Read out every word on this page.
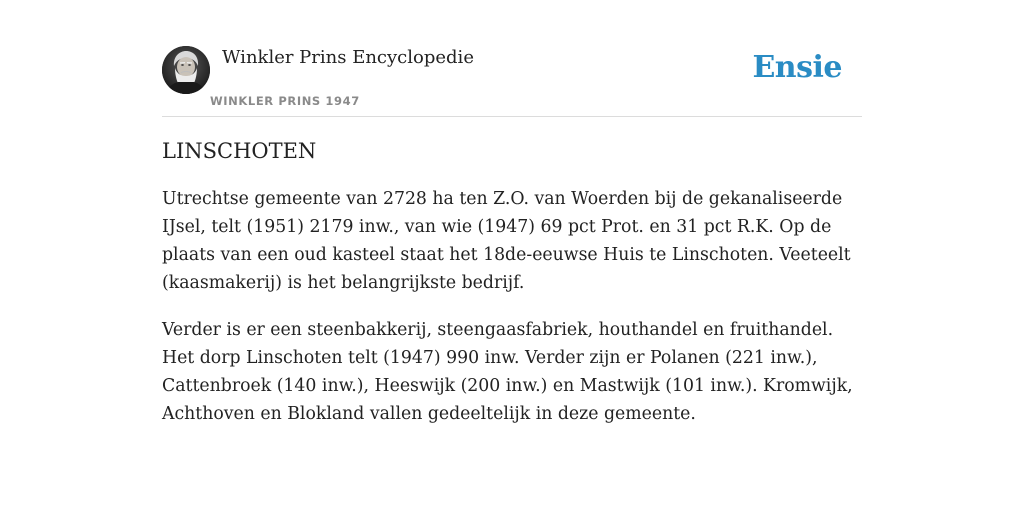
Winkler Prins Encyclopedie
WINKLER PRINS 1947
Ensie
LINSCHOTEN

Utrechtse gemeente van 2728 ha ten Z.O. van Woerden bij de gekanaliseerde IJsel, telt (1951) 2179 inw., van wie (1947) 69 pct Prot. en 31 pct R.K. Op de plaats van een oud kasteel staat het 18de-eeuwse Huis te Linschoten. Veeteelt (kaasmakerij) is het belangrijkste bedrijf.

Verder is er een steenbakkerij, steengaasfabriek, houthandel en fruithandel. Het dorp Linschoten telt (1947) 990 inw. Verder zijn er Polanen (221 inw.), Cattenbroek (140 inw.), Heeswijk (200 inw.) en Mastwijk (101 inw.). Kromwijk, Achthoven en Blokland vallen gedeeltelijk in deze gemeente.
